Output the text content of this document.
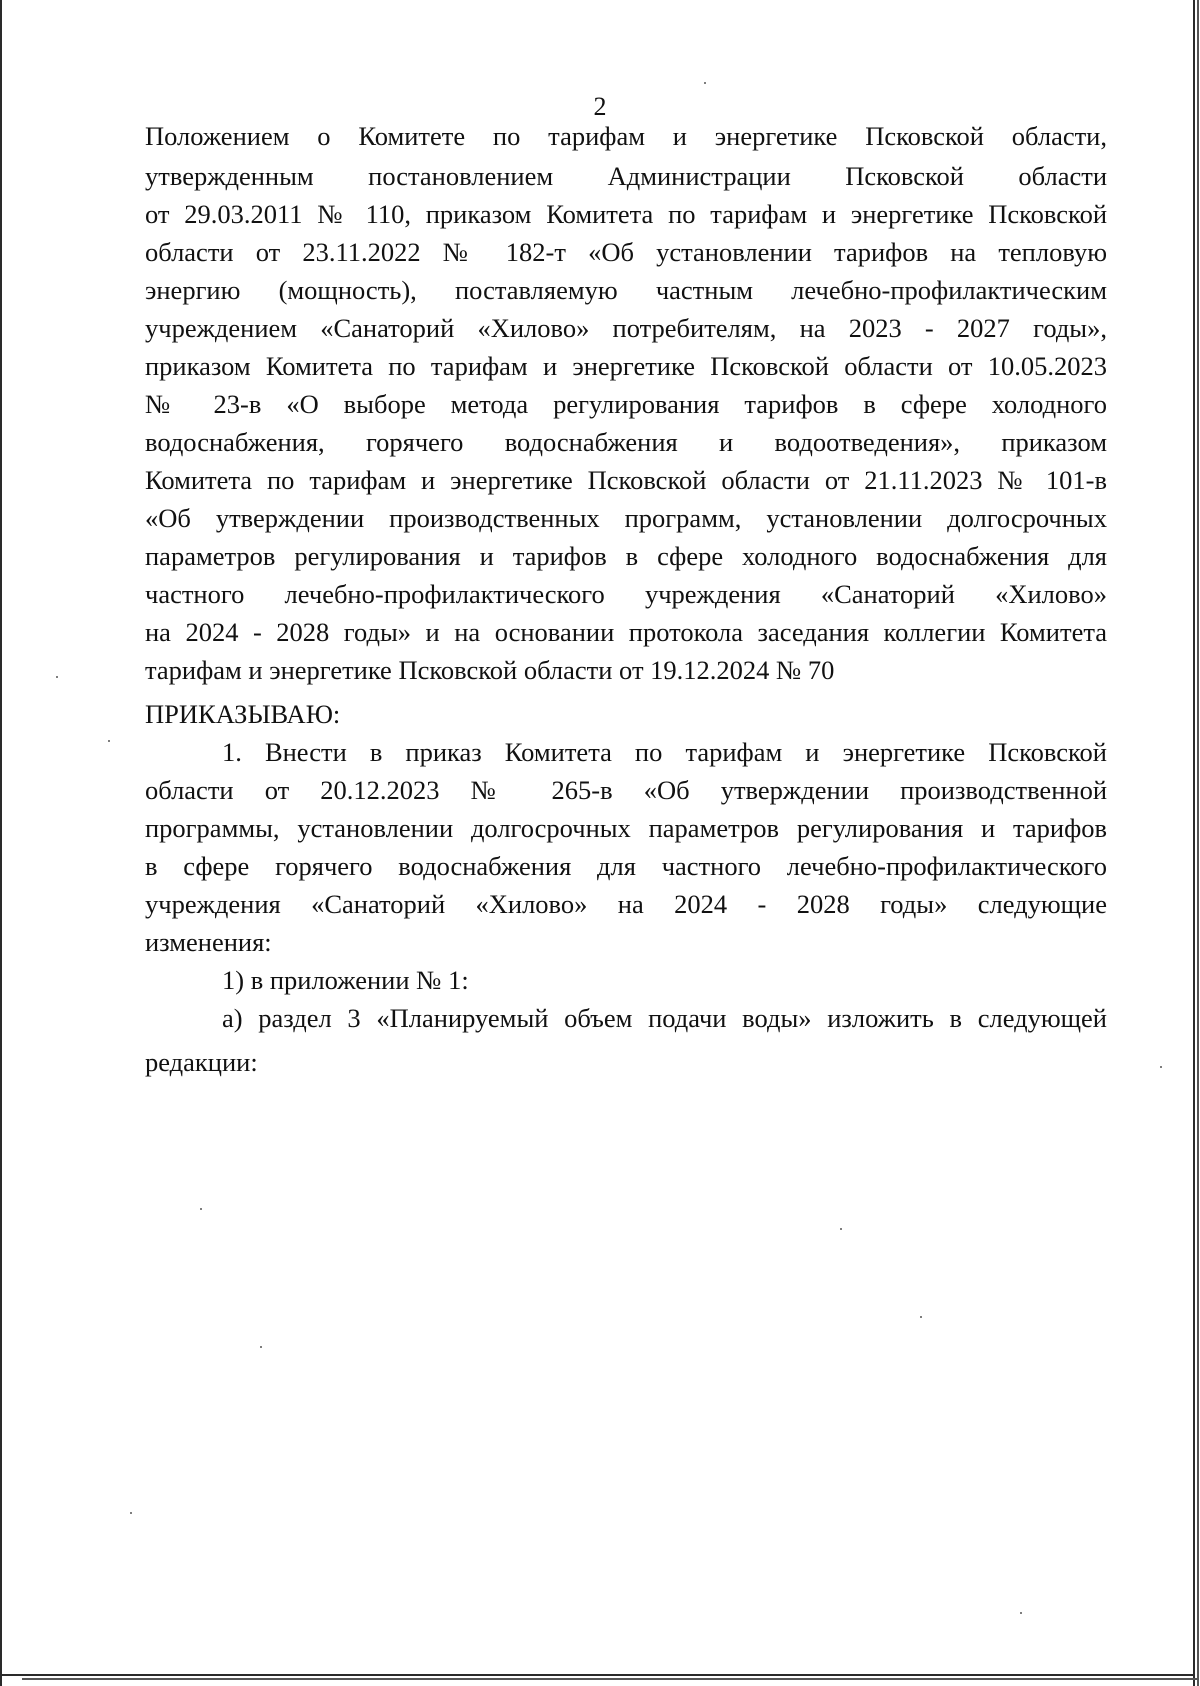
2
Положением о Комитете по тарифам и энергетике Псковской области,
утвержденным постановлением Администрации Псковской области
от 29.03.2011 № 110, приказом Комитета по тарифам и энергетике Псковской
области от 23.11.2022 № 182-т «Об установлении тарифов на тепловую
энергию (мощность), поставляемую частным лечебно-профилактическим
учреждением «Санаторий «Хилово» потребителям, на 2023 - 2027 годы»,
приказом Комитета по тарифам и энергетике Псковской области от 10.05.2023
№ 23-в «О выборе метода регулирования тарифов в сфере холодного
водоснабжения, горячего водоснабжения и водоотведения», приказом
Комитета по тарифам и энергетике Псковской области от 21.11.2023 № 101-в
«Об утверждении производственных программ, установлении долгосрочных
параметров регулирования и тарифов в сфере холодного водоснабжения для
частного лечебно-профилактического учреждения «Санаторий «Хилово»
на 2024 - 2028 годы» и на основании протокола заседания коллегии Комитета
тарифам и энергетике Псковской области от 19.12.2024 № 70
ПРИКАЗЫВАЮ:
1. Внести в приказ Комитета по тарифам и энергетике Псковской
области от 20.12.2023 № 265-в «Об утверждении производственной
программы, установлении долгосрочных параметров регулирования и тарифов
в сфере горячего водоснабжения для частного лечебно-профилактического
учреждения «Санаторий «Хилово» на 2024 - 2028 годы» следующие
изменения:
1) в приложении № 1:
а) раздел 3 «Планируемый объем подачи воды» изложить в следующей
редакции:
